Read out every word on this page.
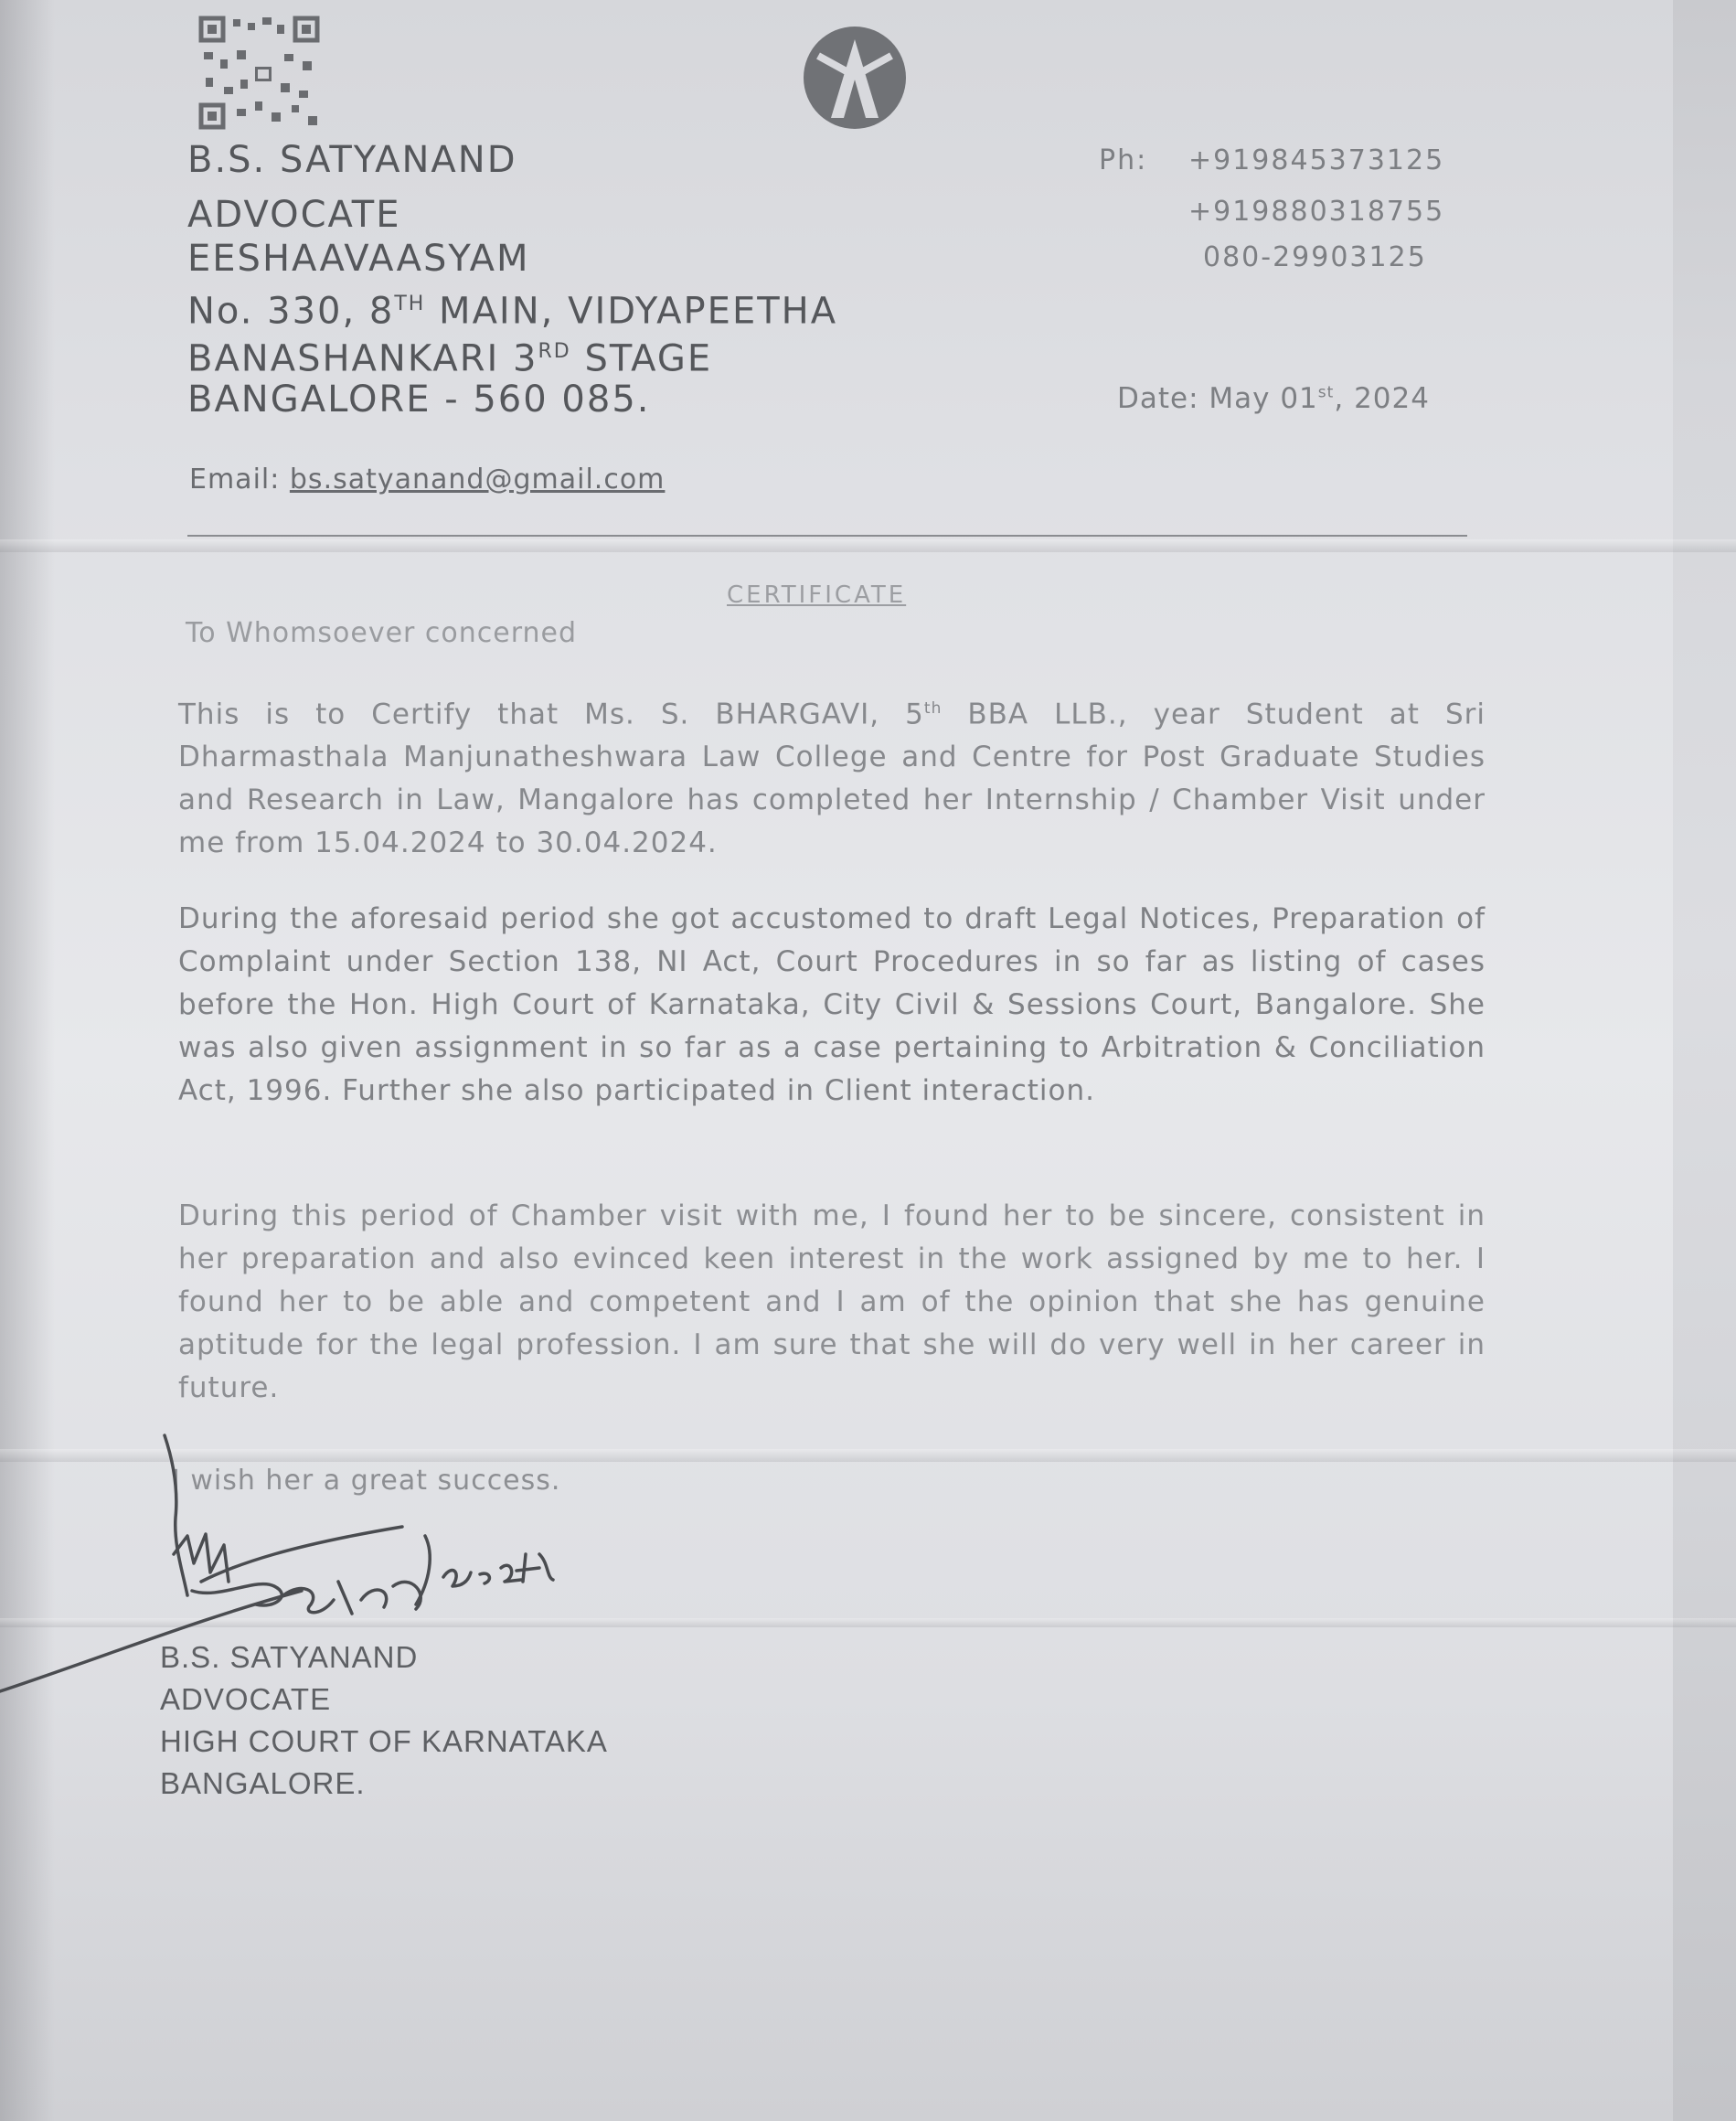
B.S. SATYANAND
ADVOCATE
EESHAAVAASYAM
No. 330, 8TH MAIN, VIDYAPEETHA
BANASHANKARI 3RD STAGE
BANGALORE - 560 085.
Ph: +919845373125
+919880318755
080-29903125
Date: May 01st, 2024
Email: bs.satyanand@gmail.com
CERTIFICATE
To Whomsoever concerned
This is to Certify that Ms. S. BHARGAVI, 5th BBA LLB., year Student at Sri Dharmasthala Manjunatheshwara Law College and Centre for Post Graduate Studies and Research in Law, Mangalore has completed her Internship / Chamber Visit under me from 15.04.2024 to 30.04.2024.
During the aforesaid period she got accustomed to draft Legal Notices, Preparation of Complaint under Section 138, NI Act, Court Procedures in so far as listing of cases before the Hon. High Court of Karnataka, City Civil & Sessions Court, Bangalore. She was also given assignment in so far as a case pertaining to Arbitration & Conciliation Act, 1996. Further she also participated in Client interaction.
During this period of Chamber visit with me, I found her to be sincere, consistent in her preparation and also evinced keen interest in the work assigned by me to her. I found her to be able and competent and I am of the opinion that she has genuine aptitude for the legal profession. I am sure that she will do very well in her career in future.
I wish her a great success.
B.S. SATYANAND
ADVOCATE
HIGH COURT OF KARNATAKA
BANGALORE.
